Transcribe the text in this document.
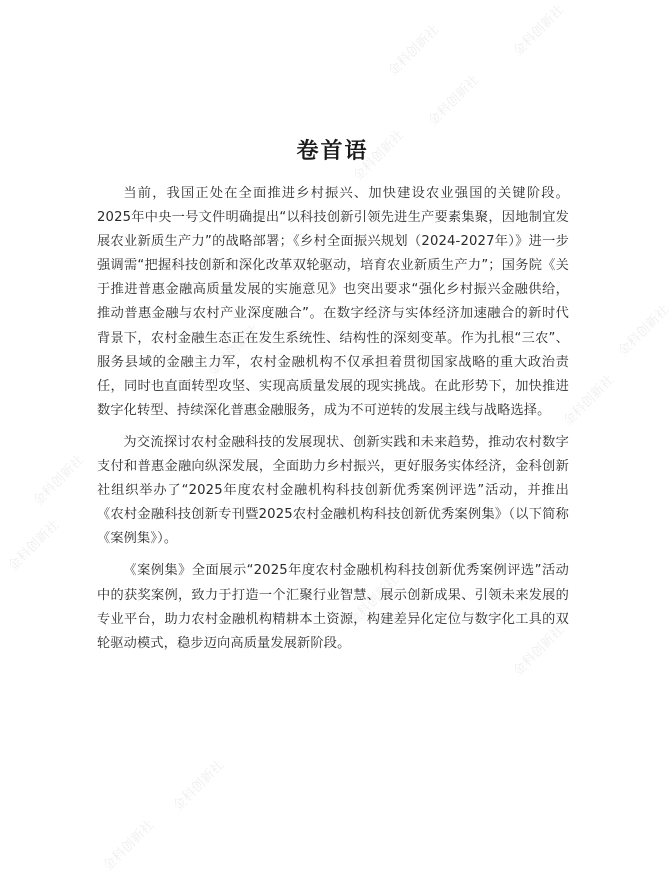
金科创新社	金科创新社
金科创新社
金科创新社
金科创新社	金科创新社
金科创新社
金科创新社
金科创新社
金科创新社
金科创新社
金科创新社
金科创新社
卷首语

当前，我国正处在全面推进乡村振兴、加快建设农业强国的关键阶段。2025年中央一号文件明确提出“以科技创新引领先进生产要素集聚，因地制宜发展农业新质生产力”的战略部署；《乡村全面振兴规划（2024-2027年）》进一步强调需“把握科技创新和深化改革双轮驱动，培育农业新质生产力”；国务院《关于推进普惠金融高质量发展的实施意见》也突出要求“强化乡村振兴金融供给，推动普惠金融与农村产业深度融合”。在数字经济与实体经济加速融合的新时代背景下，农村金融生态正在发生系统性、结构性的深刻变革。作为扎根“三农”、服务县域的金融主力军，农村金融机构不仅承担着贯彻国家战略的重大政治责任，同时也直面转型攻坚、实现高质量发展的现实挑战。在此形势下，加快推进数字化转型、持续深化普惠金融服务，成为不可逆转的发展主线与战略选择。

为交流探讨农村金融科技的发展现状、创新实践和未来趋势，推动农村数字支付和普惠金融向纵深发展，全面助力乡村振兴，更好服务实体经济，金科创新社组织举办了“2025年度农村金融机构科技创新优秀案例评选”活动，并推出《农村金融科技创新专刊暨2025农村金融机构科技创新优秀案例集》（以下简称《案例集》）。

《案例集》全面展示“2025年度农村金融机构科技创新优秀案例评选”活动中的获奖案例，致力于打造一个汇聚行业智慧、展示创新成果、引领未来发展的专业平台，助力农村金融机构精耕本土资源，构建差异化定位与数字化工具的双轮驱动模式，稳步迈向高质量发展新阶段。
